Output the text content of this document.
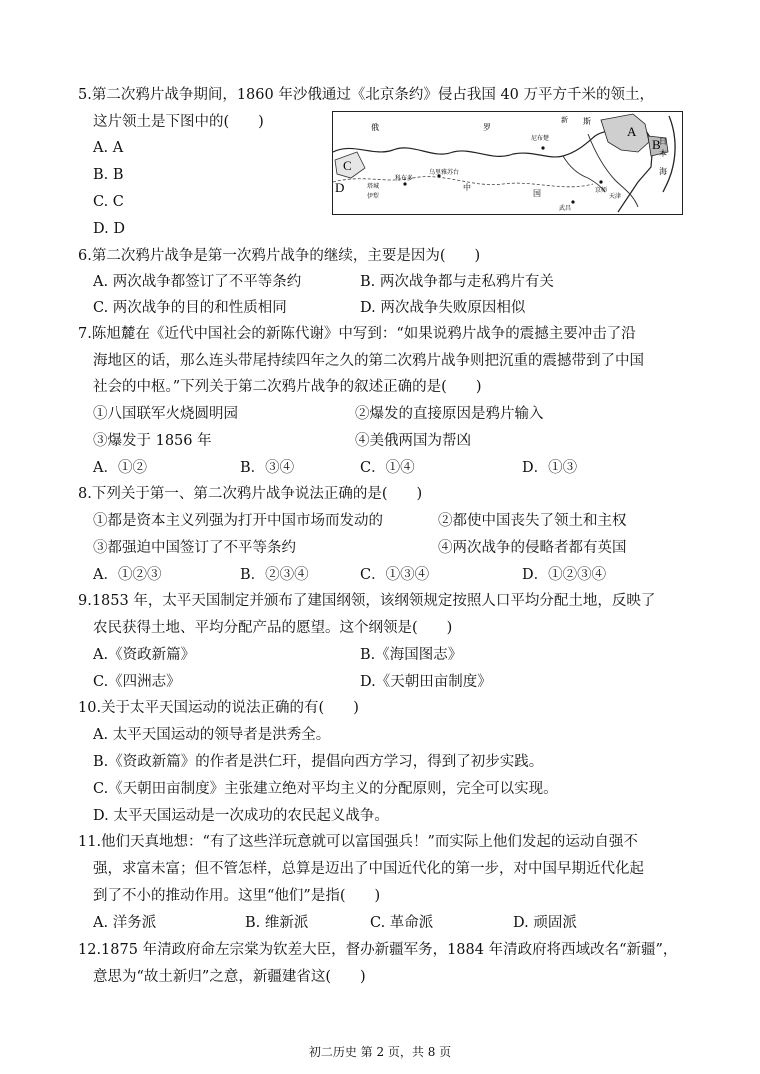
5.第二次鸦片战争期间，1860 年沙俄通过《北京条约》侵占我国 40 万平方千米的领土，
这片领土是下图中的(　　)
A. A
B. B
C. C
D. D
A
B
C
D
俄	罗
斯
新
尼布楚	日
本
海
中
国	京师
天津
武昌
乌里雅苏台
科布多
塔城
伊犁
6.第二次鸦片战争是第一次鸦片战争的继续，主要是因为(　　)
A. 两次战争都签订了不平等条约	B. 两次战争都与走私鸦片有关
C. 两次战争的目的和性质相同	D. 两次战争失败原因相似
7.陈旭麓在《近代中国社会的新陈代谢》中写到：“如果说鸦片战争的震撼主要冲击了沿
海地区的话，那么连头带尾持续四年之久的第二次鸦片战争则把沉重的震撼带到了中国
社会的中枢。”下列关于第二次鸦片战争的叙述正确的是(　　)
①八国联军火烧圆明园	②爆发的直接原因是鸦片输入
③爆发于 1856 年	④美俄两国为帮凶
A．①②	B．③④	C．①④	D．①③
8.下列关于第一、第二次鸦片战争说法正确的是(　　)
①都是资本主义列强为打开中国市场而发动的	②都使中国丧失了领土和主权
③都强迫中国签订了不平等条约	④两次战争的侵略者都有英国
A．①②③	B．②③④	C．①③④	D．①②③④
9.1853 年，太平天国制定并颁布了建国纲领，该纲领规定按照人口平均分配土地，反映了
农民获得土地、平均分配产品的愿望。这个纲领是(　　)
A.《资政新篇》	B.《海国图志》
C.《四洲志》	D.《天朝田亩制度》
10.关于太平天国运动的说法正确的有(　　)
A. 太平天国运动的领导者是洪秀全。
B.《资政新篇》的作者是洪仁玕，提倡向西方学习，得到了初步实践。
C.《天朝田亩制度》主张建立绝对平均主义的分配原则，完全可以实现。
D. 太平天国运动是一次成功的农民起义战争。
11.他们天真地想：“有了这些洋玩意就可以富国强兵！”而实际上他们发起的运动自强不
强，求富未富；但不管怎样，总算是迈出了中国近代化的第一步，对中国早期近代化起
到了不小的推动作用。这里“他们”是指(　　)
A. 洋务派	B. 维新派	C. 革命派	D. 顽固派
12.1875 年清政府命左宗棠为钦差大臣，督办新疆军务，1884 年清政府将西域改名“新疆”，
意思为“故土新归”之意，新疆建省这(　　)
初二历史 第 2 页，共 8 页
